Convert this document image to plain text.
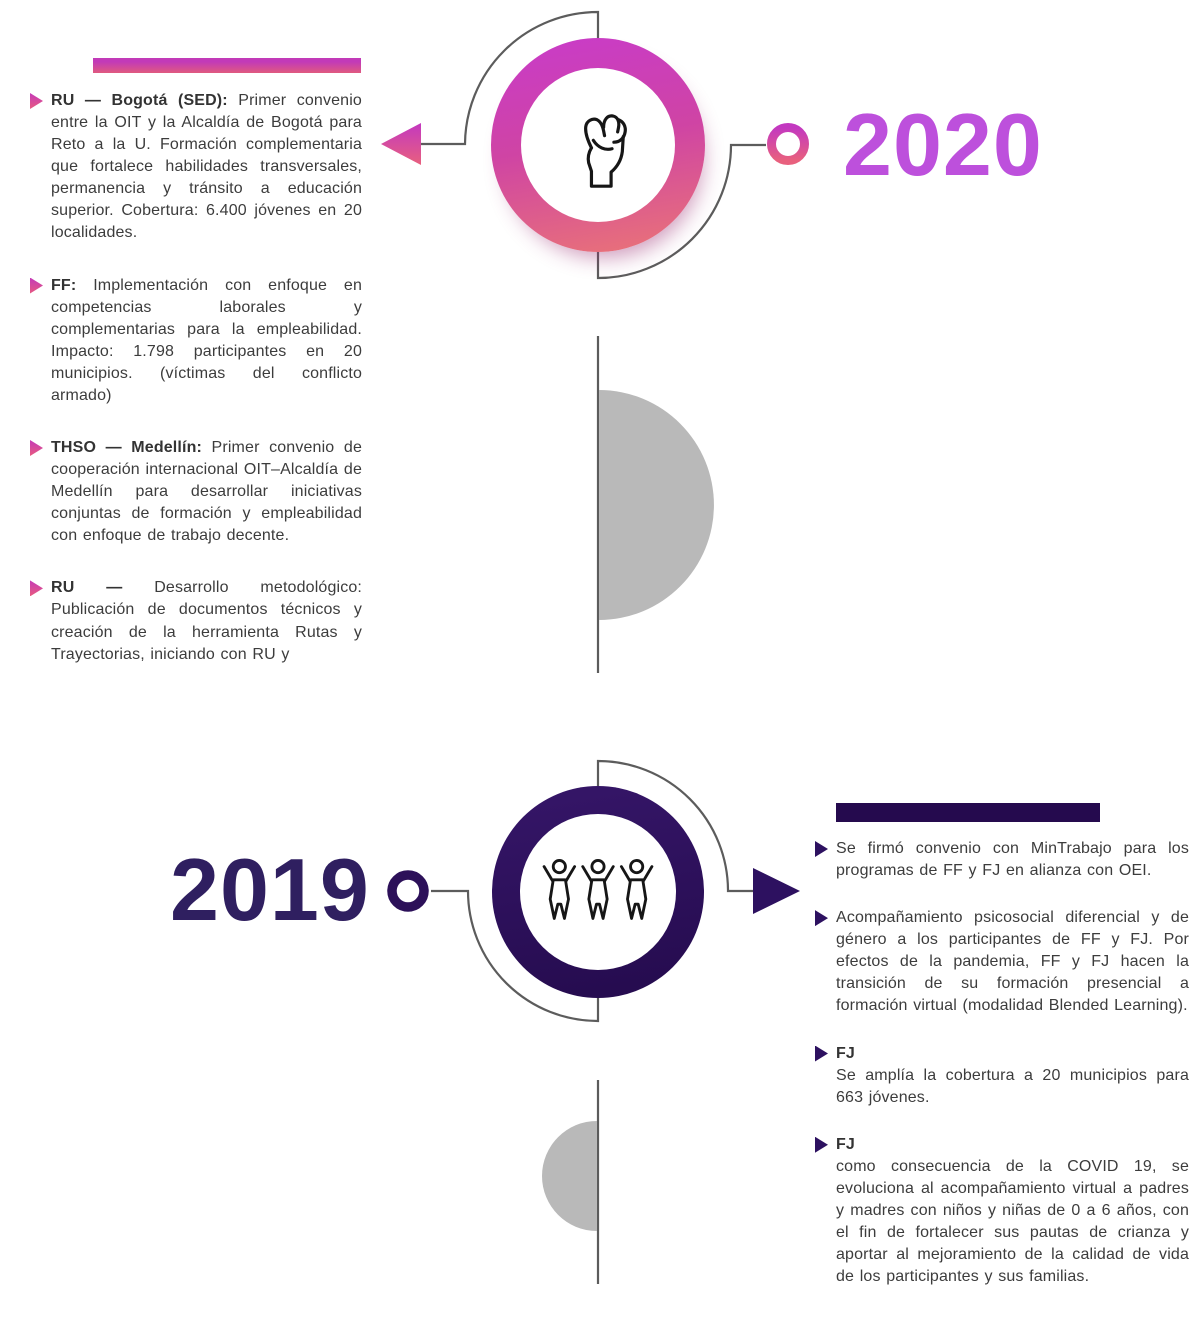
RU — Bogotá (SED): Primer convenio entre la OIT y la Alcaldía de Bogotá para Reto a la U. Formación complementaria que fortalece habilidades transversales, permanencia y tránsito a educación superior. Cobertura: 6.400 jóvenes en 20 localidades.
FF: Implementación con enfoque en competencias laborales y complementarias para la empleabilidad. Impacto: 1.798 participantes en 20 municipios. (víctimas del conflicto armado)
THSO — Medellín: Primer convenio de cooperación internacional OIT–Alcaldía de Medellín para desarrollar iniciativas conjuntas de formación y empleabilidad con enfoque de trabajo decente.
RU — Desarrollo metodológico: Publicación de documentos técnicos y creación de la herramienta Rutas y Trayectorias, iniciando con RU y
2020
2019	Se firmó convenio con MinTrabajo para los programas de FF y FJ en alianza con OEI.
Acompañamiento psicosocial diferencial y de género a los participantes de FF y FJ. Por efectos de la pandemia, FF y FJ hacen la transición de su formación presencial a formación virtual (modalidad Blended Learning).
FJ
Se amplía la cobertura a 20 municipios para 663 jóvenes.
FJ
como consecuencia de la COVID 19, se evoluciona al acompañamiento virtual a padres y madres con niños y niñas de 0 a 6 años, con el fin de fortalecer sus pautas de crianza y aportar al mejoramiento de la calidad de vida de los participantes y sus familias.
